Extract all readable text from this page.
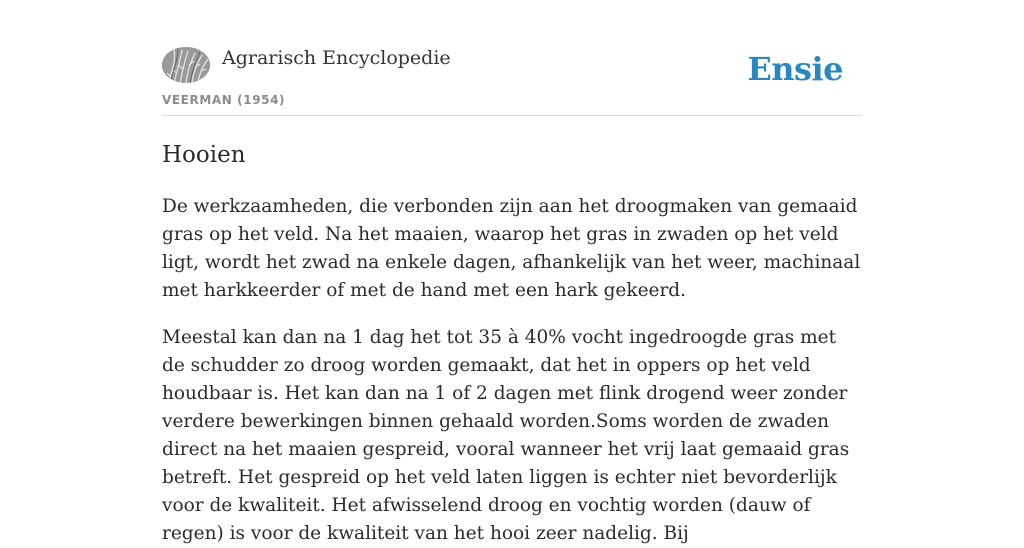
Agrarisch Encyclopedie
VEERMAN (1954)
Ensie
Hooien

De werkzaamheden, die verbonden zijn aan het droogmaken van gemaaid gras op het veld. Na het maaien, waarop het gras in zwaden op het veld ligt, wordt het zwad na enkele dagen, afhankelijk van het weer, machinaal met harkkeerder of met de hand met een hark gekeerd.

Meestal kan dan na 1 dag het tot 35 à 40% vocht ingedroogde gras met de schudder zo droog worden gemaakt, dat het in oppers op het veld houdbaar is. Het kan dan na 1 of 2 dagen met flink drogend weer zonder verdere bewerkingen binnen gehaald worden.Soms worden de zwaden direct na het maaien gespreid, vooral wanneer het vrij laat gemaaid gras betreft. Het gespreid op het veld laten liggen is echter niet bevorderlijk voor de kwaliteit. Het afwisselend droog en vochtig worden (dauw of regen) is voor de kwaliteit van het hooi zeer nadelig. Bij
